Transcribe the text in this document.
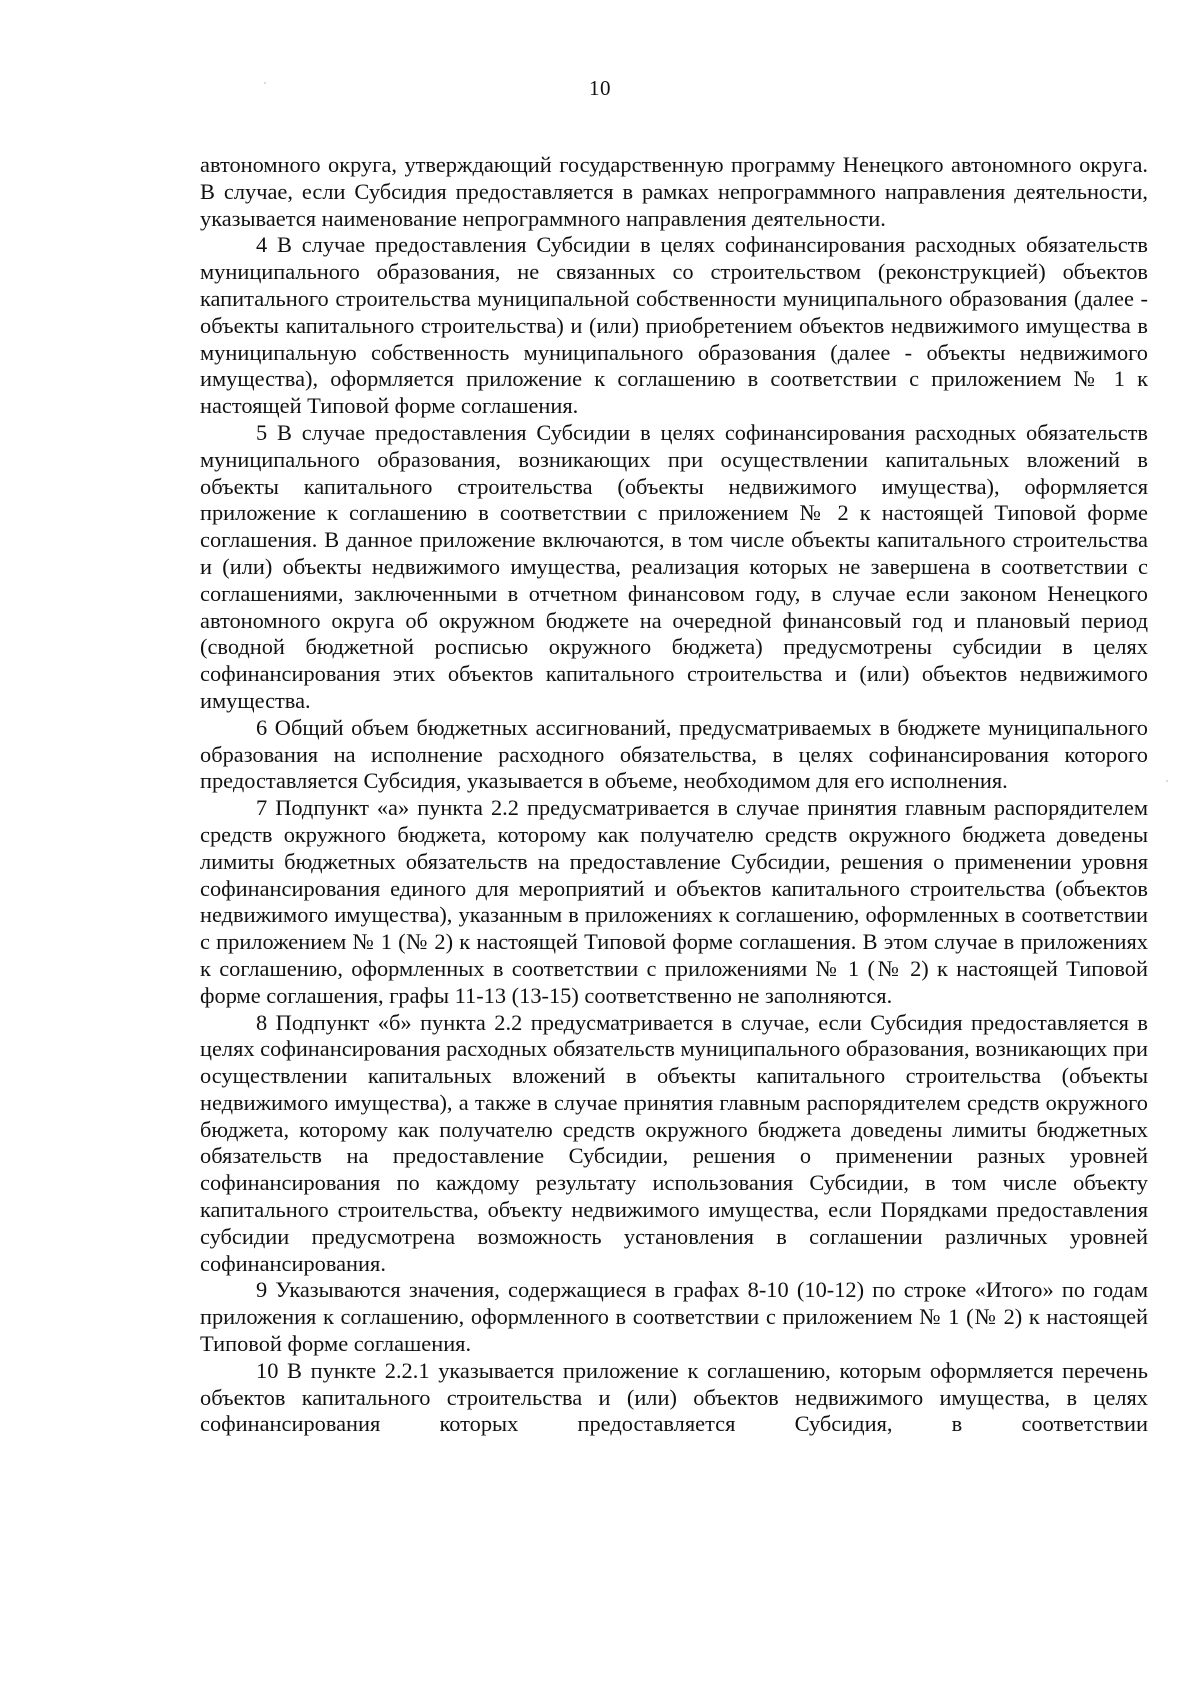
10

автономного округа, утверждающий государственную программу Ненецкого автономного округа. В случае, если Субсидия предоставляется в рамках непрограммного направления деятельности, указывается наименование непрограммного направления деятельности.

4 В случае предоставления Субсидии в целях софинансирования расходных обязательств муниципального образования, не связанных со строительством (реконструкцией) объектов капитального строительства муниципальной собственности муниципального образования (далее - объекты капитального строительства) и (или) приобретением объектов недвижимого имущества в муниципальную собственность муниципального образования (далее - объекты недвижимого имущества), оформляется приложение к соглашению в соответствии с приложением № 1 к настоящей Типовой форме соглашения.

5 В случае предоставления Субсидии в целях софинансирования расходных обязательств муниципального образования, возникающих при осуществлении капитальных вложений в объекты капитального строительства (объекты недвижимого имущества), оформляется приложение к соглашению в соответствии с приложением № 2 к настоящей Типовой форме соглашения. В данное приложение включаются, в том числе объекты капитального строительства и (или) объекты недвижимого имущества, реализация которых не завершена в соответствии с соглашениями, заключенными в отчетном финансовом году, в случае если законом Ненецкого автономного округа об окружном бюджете на очередной финансовый год и плановый период (сводной бюджетной росписью окружного бюджета) предусмотрены субсидии в целях софинансирования этих объектов капитального строительства и (или) объектов недвижимого имущества.

6 Общий объем бюджетных ассигнований, предусматриваемых в бюджете муниципального образования на исполнение расходного обязательства, в целях софинансирования которого предоставляется Субсидия, указывается в объеме, необходимом для его исполнения.

7 Подпункт «а» пункта 2.2 предусматривается в случае принятия главным распорядителем средств окружного бюджета, которому как получателю средств окружного бюджета доведены лимиты бюджетных обязательств на предоставление Субсидии, решения о применении уровня софинансирования единого для мероприятий и объектов капитального строительства (объектов недвижимого имущества), указанным в приложениях к соглашению, оформленных в соответствии с приложением № 1 (№ 2) к настоящей Типовой форме соглашения. В этом случае в приложениях к соглашению, оформленных в соответствии с приложениями № 1 (№ 2) к настоящей Типовой форме соглашения, графы 11-13 (13-15) соответственно не заполняются.

8 Подпункт «б» пункта 2.2 предусматривается в случае, если Субсидия предоставляется в целях софинансирования расходных обязательств муниципального образования, возникающих при осуществлении капитальных вложений в объекты капитального строительства (объекты недвижимого имущества), а также в случае принятия главным распорядителем средств окружного бюджета, которому как получателю средств окружного бюджета доведены лимиты бюджетных обязательств на предоставление Субсидии, решения о применении разных уровней софинансирования по каждому результату использования Субсидии, в том числе объекту капитального строительства, объекту недвижимого имущества, если Порядками предоставления субсидии предусмотрена возможность установления в соглашении различных уровней софинансирования.

9 Указываются значения, содержащиеся в графах 8-10 (10-12) по строке «Итого» по годам приложения к соглашению, оформленного в соответствии с приложением № 1 (№ 2) к настоящей Типовой форме соглашения.

10 В пункте 2.2.1 указывается приложение к соглашению, которым оформляется перечень объектов капитального строительства и (или) объектов недвижимого имущества, в целях софинансирования которых предоставляется Субсидия, в соответствии
